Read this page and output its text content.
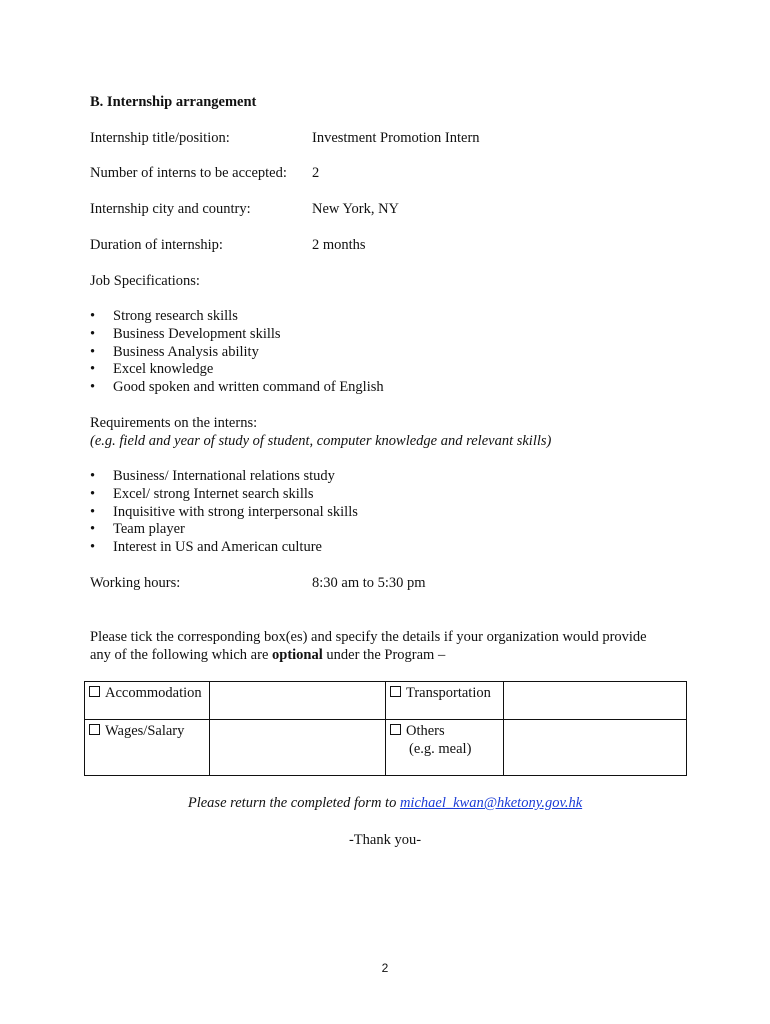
B. Internship arrangement
Internship title/position:	Investment Promotion Intern
Number of interns to be accepted: 2
Internship city and country:	New York, NY
Duration of internship:	2 months
Job Specifications:
• Strong research skills
• Business Development skills
• Business Analysis ability
• Excel knowledge
• Good spoken and written command of English
Requirements on the interns:
(e.g. field and year of study of student, computer knowledge and relevant skills)
• Business/ International relations study
• Excel/ strong Internet search skills
• Inquisitive with strong interpersonal skills
• Team player
• Interest in US and American culture
Working hours:	8:30 am to 5:30 pm
Please tick the corresponding box(es) and specify the details if your organization would provide
any of the following which are optional under the Program –
Accommodation		Transportation	
Wages/Salary		Others
(e.g. meal)	
Please return the completed form to michael_kwan@hketony.gov.hk
-Thank you-
2
